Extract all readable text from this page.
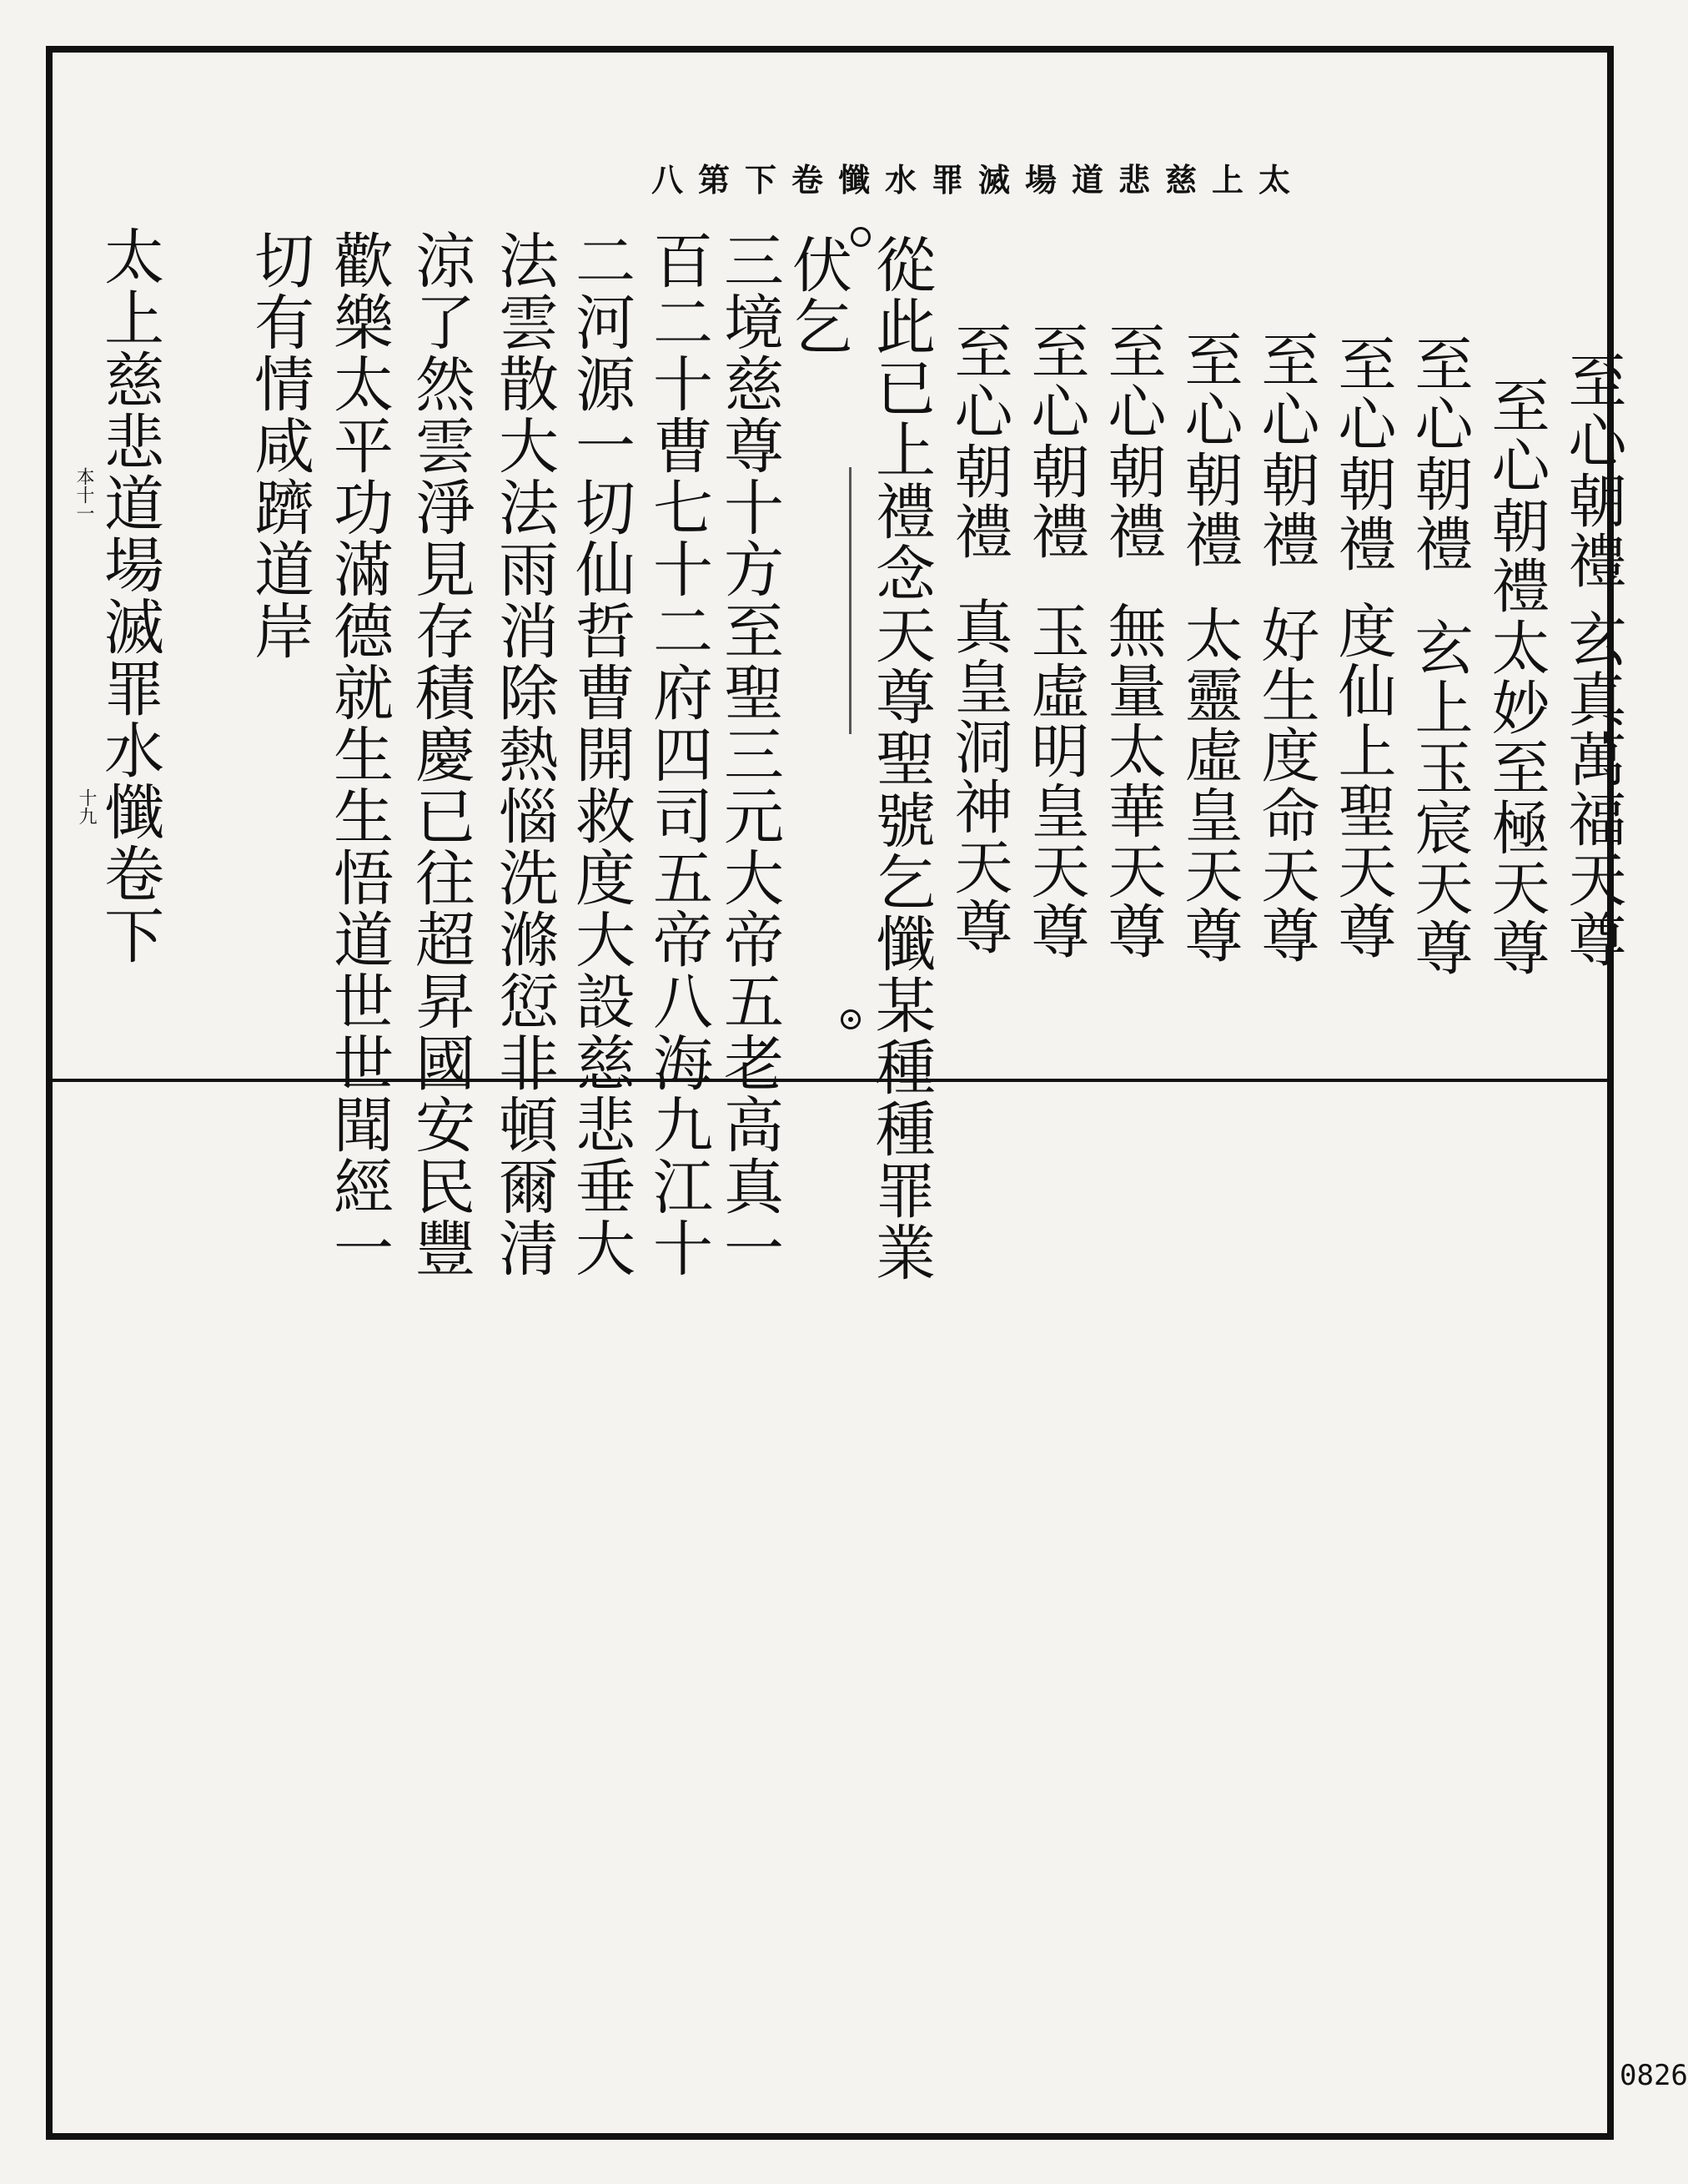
太上慈悲道場滅罪水懺
卷下第八
至心朝禮
玄真萬福天尊
至心朝禮
太妙至極天尊
至心朝禮
玄上玉宸天尊
至心朝禮
度仙上聖天尊
至心朝禮
好生度命天尊
至心朝禮
太靈虛皇天尊
至心朝禮
無量太華天尊
至心朝禮
玉虛明皇天尊
至心朝禮
真皇洞神天尊
從此已上禮念天尊聖號乞懺某種種罪業
伏乞
三境慈尊十方至聖三元大帝五老高真一
百二十曹七十二府四司五帝八海九江十
二河源一切仙哲曹開救度大設慈悲垂大
法雲散大法雨消除熱惱洗滌愆非頓爾清
涼了然雲淨見存積慶已往超昇國安民豐
歡樂太平功滿德就生生悟道世世聞經一
切有情咸躋道岸
太上慈悲道場滅罪水懺卷下
本十一
十九
0826
